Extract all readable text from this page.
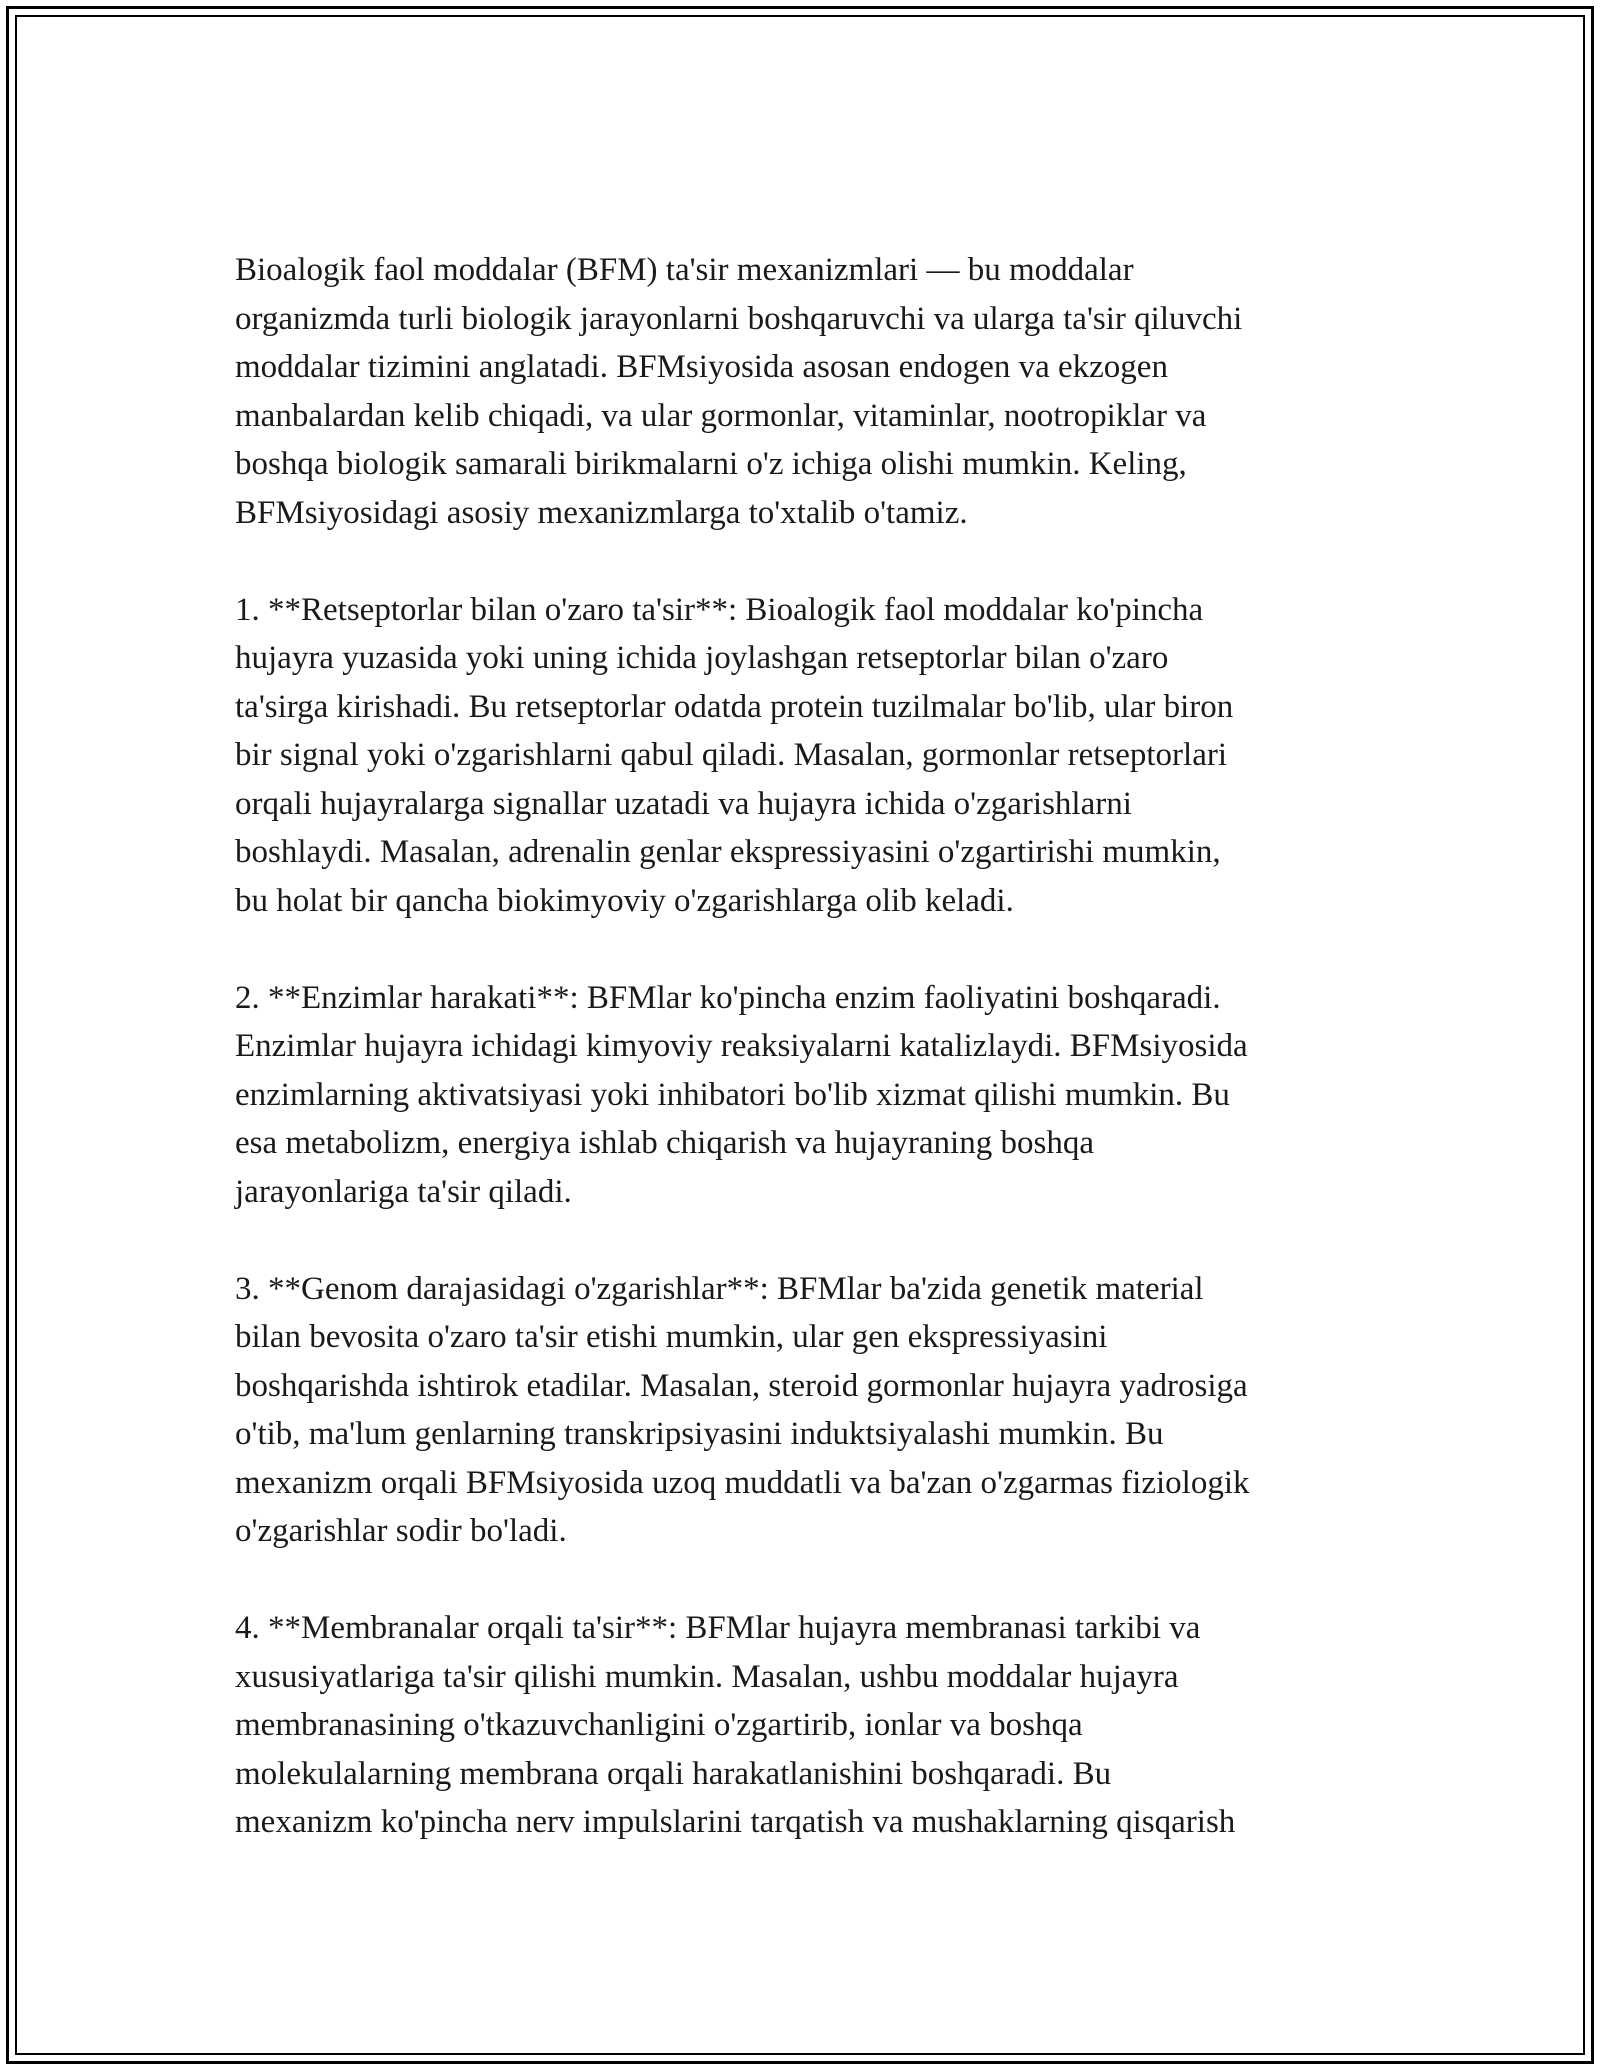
Bioalogik faol moddalar (BFM) ta'sir mexanizmlari — bu moddalar
organizmda turli biologik jarayonlarni boshqaruvchi va ularga ta'sir qiluvchi
moddalar tizimini anglatadi. BFMsiyosida asosan endogen va ekzogen
manbalardan kelib chiqadi, va ular gormonlar, vitaminlar, nootropiklar va
boshqa biologik samarali birikmalarni o'z ichiga olishi mumkin. Keling,
BFMsiyosidagi asosiy mexanizmlarga to'xtalib o'tamiz.

1. **Retseptorlar bilan o'zaro ta'sir**: Bioalogik faol moddalar ko'pincha
hujayra yuzasida yoki uning ichida joylashgan retseptorlar bilan o'zaro
ta'sirga kirishadi. Bu retseptorlar odatda protein tuzilmalar bo'lib, ular biron
bir signal yoki o'zgarishlarni qabul qiladi. Masalan, gormonlar retseptorlari
orqali hujayralarga signallar uzatadi va hujayra ichida o'zgarishlarni
boshlaydi. Masalan, adrenalin genlar ekspressiyasini o'zgartirishi mumkin,
bu holat bir qancha biokimyoviy o'zgarishlarga olib keladi.

2. **Enzimlar harakati**: BFMlar ko'pincha enzim faoliyatini boshqaradi.
Enzimlar hujayra ichidagi kimyoviy reaksiyalarni katalizlaydi. BFMsiyosida
enzimlarning aktivatsiyasi yoki inhibatori bo'lib xizmat qilishi mumkin. Bu
esa metabolizm, energiya ishlab chiqarish va hujayraning boshqa
jarayonlariga ta'sir qiladi.

3. **Genom darajasidagi o'zgarishlar**: BFMlar ba'zida genetik material
bilan bevosita o'zaro ta'sir etishi mumkin, ular gen ekspressiyasini
boshqarishda ishtirok etadilar. Masalan, steroid gormonlar hujayra yadrosiga
o'tib, ma'lum genlarning transkripsiyasini induktsiyalashi mumkin. Bu
mexanizm orqali BFMsiyosida uzoq muddatli va ba'zan o'zgarmas fiziologik
o'zgarishlar sodir bo'ladi.

4. **Membranalar orqali ta'sir**: BFMlar hujayra membranasi tarkibi va
xususiyatlariga ta'sir qilishi mumkin. Masalan, ushbu moddalar hujayra
membranasining o'tkazuvchanligini o'zgartirib, ionlar va boshqa
molekulalarning membrana orqali harakatlanishini boshqaradi. Bu
mexanizm ko'pincha nerv impulslarini tarqatish va mushaklarning qisqarish
